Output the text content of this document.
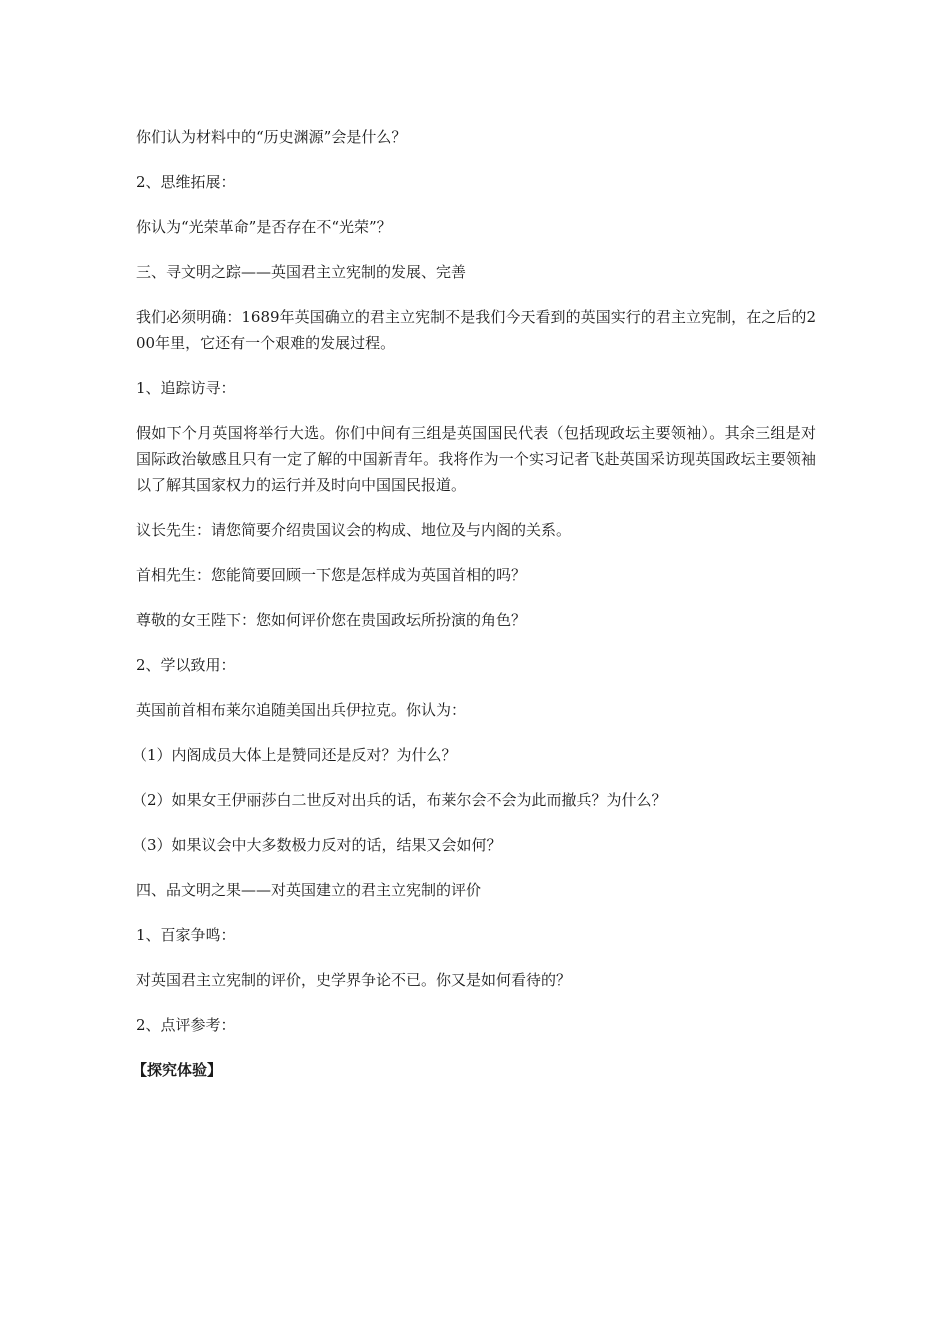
你们认为材料中的“历史渊源”会是什么？

2、思维拓展：

你认为“光荣革命”是否存在不“光荣”？

三、寻文明之踪——英国君主立宪制的发展、完善

我们必须明确：1689年英国确立的君主立宪制不是我们今天看到的英国实行的君主立宪制，在之后的200年里，它还有一个艰难的发展过程。

1、追踪访寻：

假如下个月英国将举行大选。你们中间有三组是英国国民代表（包括现政坛主要领袖）。其余三组是对国际政治敏感且只有一定了解的中国新青年。我将作为一个实习记者飞赴英国采访现英国政坛主要领袖以了解其国家权力的运行并及时向中国国民报道。

议长先生：请您简要介绍贵国议会的构成、地位及与内阁的关系。

首相先生：您能简要回顾一下您是怎样成为英国首相的吗？

尊敬的女王陛下：您如何评价您在贵国政坛所扮演的角色？

2、学以致用：

英国前首相布莱尔追随美国出兵伊拉克。你认为：

（1）内阁成员大体上是赞同还是反对？为什么？

（2）如果女王伊丽莎白二世反对出兵的话，布莱尔会不会为此而撤兵？为什么？

（3）如果议会中大多数极力反对的话，结果又会如何？

四、品文明之果——对英国建立的君主立宪制的评价

1、百家争鸣：

对英国君主立宪制的评价，史学界争论不已。你又是如何看待的？

2、点评参考：

【探究体验】
